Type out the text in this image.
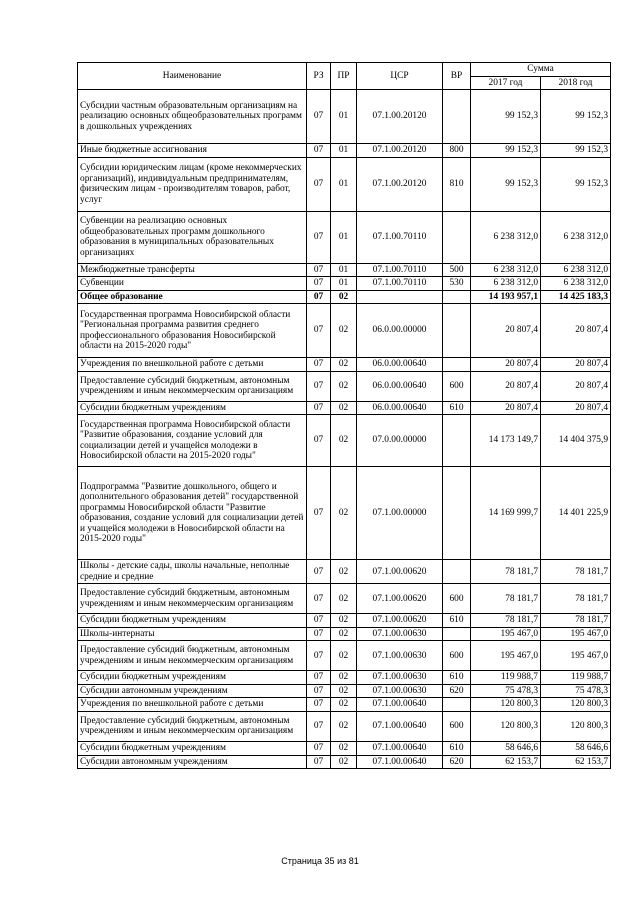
Наименование	РЗ	ПР	ЦСР	ВР	Сумма	
					2017 год	2018 год
Субсидии частным образовательным организациям на реализацию основных общеобразовательных программ в дошкольных учреждениях	07	01	07.1.00.20120		99 152,3	99 152,3
Иные бюджетные ассигнования	07	01	07.1.00.20120	800	99 152,3	99 152,3
Субсидии юридическим лицам (кроме некоммерческих организаций), индивидуальным предпринимателям, физическим лицам - производителям товаров, работ, услуг	07	01	07.1.00.20120	810	99 152,3	99 152,3
Субвенции на реализацию основных общеобразовательных программ дошкольного образования в муниципальных образовательных организациях	07	01	07.1.00.70110		6 238 312,0	6 238 312,0
Межбюджетные трансферты	07	01	07.1.00.70110	500	6 238 312,0	6 238 312,0
Субвенции	07	01	07.1.00.70110	530	6 238 312,0	6 238 312,0
Общее образование	07	02			14 193 957,1	14 425 183,3
Государственная программа Новосибирской области "Региональная программа развития среднего профессионального образования Новосибирской области на 2015-2020 годы"	07	02	06.0.00.00000		20 807,4	20 807,4
Учреждения по внешкольной работе с детьми	07	02	06.0.00.00640		20 807,4	20 807,4
Предоставление субсидий бюджетным, автономным учреждениям и иным некоммерческим организациям	07	02	06.0.00.00640	600	20 807,4	20 807,4
Субсидии бюджетным учреждениям	07	02	06.0.00.00640	610	20 807,4	20 807,4
Государственная программа Новосибирской области "Развитие образования, создание условий для социализации детей и учащейся молодежи в Новосибирской области на 2015-2020 годы"	07	02	07.0.00.00000		14 173 149,7	14 404 375,9
Подпрограмма "Развитие дошкольного, общего и дополнительного образования детей" государственной программы Новосибирской области "Развитие образования, создание условий для социализации детей и учащейся молодежи в Новосибирской области на 2015-2020 годы"	07	02	07.1.00.00000		14 169 999,7	14 401 225,9
Школы - детские сады, школы начальные, неполные средние и средние	07	02	07.1.00.00620		78 181,7	78 181,7
Предоставление субсидий бюджетным, автономным учреждениям и иным некоммерческим организациям	07	02	07.1.00.00620	600	78 181,7	78 181,7
Субсидии бюджетным учреждениям	07	02	07.1.00.00620	610	78 181,7	78 181,7
Школы-интернаты	07	02	07.1.00.00630		195 467,0	195 467,0
Предоставление субсидий бюджетным, автономным учреждениям и иным некоммерческим организациям	07	02	07.1.00.00630	600	195 467,0	195 467,0
Субсидии бюджетным учреждениям	07	02	07.1.00.00630	610	119 988,7	119 988,7
Субсидии автономным учреждениям	07	02	07.1.00.00630	620	75 478,3	75 478,3
Учреждения по внешкольной работе с детьми	07	02	07.1.00.00640		120 800,3	120 800,3
Предоставление субсидий бюджетным, автономным учреждениям и иным некоммерческим организациям	07	02	07.1.00.00640	600	120 800,3	120 800,3
Субсидии бюджетным учреждениям	07	02	07.1.00.00640	610	58 646,6	58 646,6
Субсидии автономным учреждениям	07	02	07.1.00.00640	620	62 153,7	62 153,7
Страница 35 из 81
